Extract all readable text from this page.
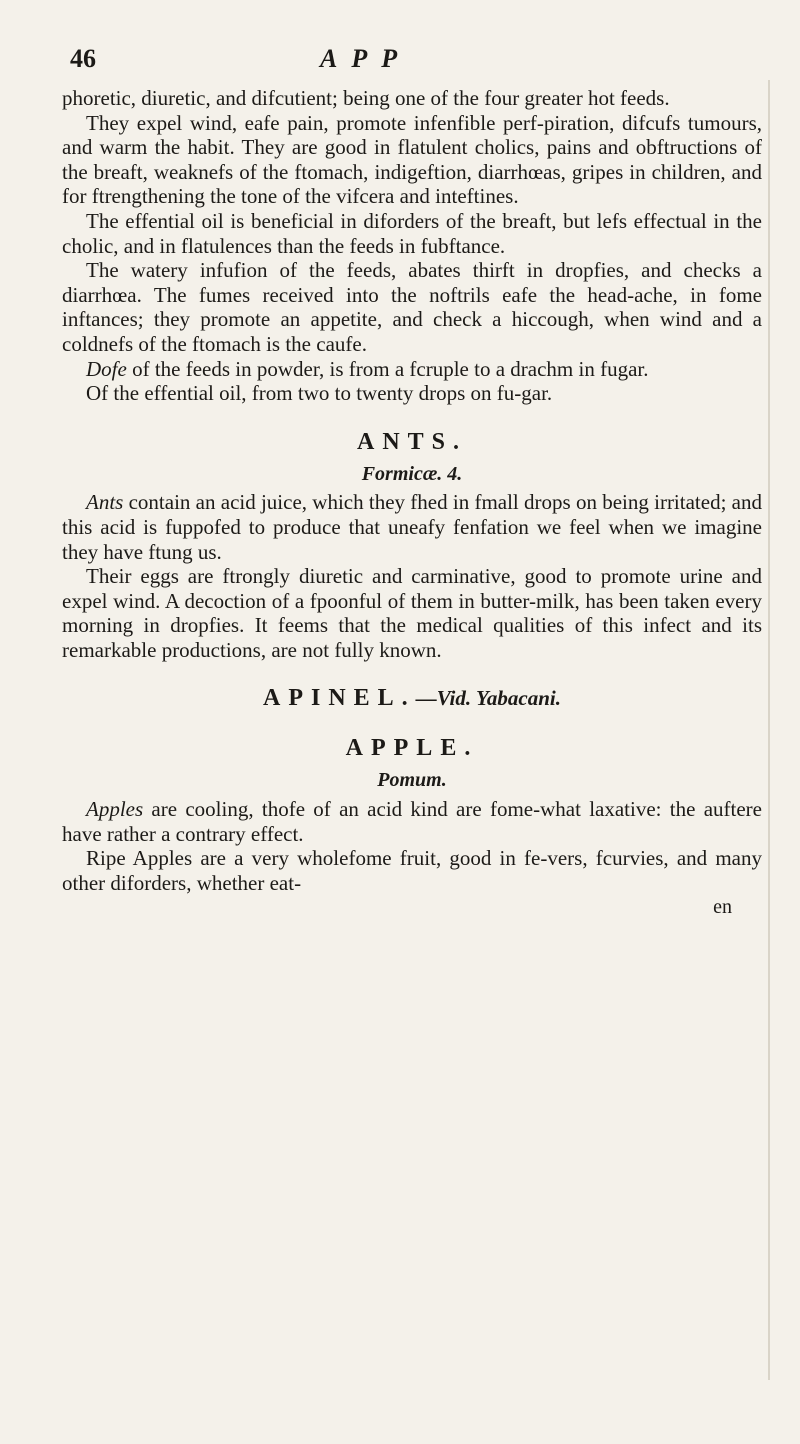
46	APP

phoretic, diuretic, and difcutient; being one of the four greater hot feeds.

They expel wind, eafe pain, promote infenfible perf-piration, difcufs tumours, and warm the habit. They are good in flatulent cholics, pains and obftructions of the breaft, weaknefs of the ftomach, indigeftion, diarrhœas, gripes in children, and for ftrengthening the tone of the vifcera and inteftines.

The effential oil is beneficial in diforders of the breaft, but lefs effectual in the cholic, and in flatulences than the feeds in fubftance.

The watery infufion of the feeds, abates thirft in dropfies, and checks a diarrhœa. The fumes received into the noftrils eafe the head-ache, in fome inftances; they promote an appetite, and check a hiccough, when wind and a coldnefs of the ftomach is the caufe.

Dofe of the feeds in powder, is from a fcruple to a drachm in fugar.

Of the effential oil, from two to twenty drops on fu-gar.

ANTS.
Formicæ. 4.

Ants contain an acid juice, which they fhed in fmall drops on being irritated; and this acid is fuppofed to produce that uneafy fenfation we feel when we imagine they have ftung us.

Their eggs are ftrongly diuretic and carminative, good to promote urine and expel wind. A decoction of a fpoonful of them in butter-milk, has been taken every morning in dropfies. It feems that the medical qualities of this infect and its remarkable productions, are not fully known.

APINEL.—Vid. Yabacani.
APPLE.
Pomum.

Apples are cooling, thofe of an acid kind are fome-what laxative: the auftere have rather a contrary effect.

Ripe Apples are a very wholefome fruit, good in fe-vers, fcurvies, and many other diforders, whether eat-

en
